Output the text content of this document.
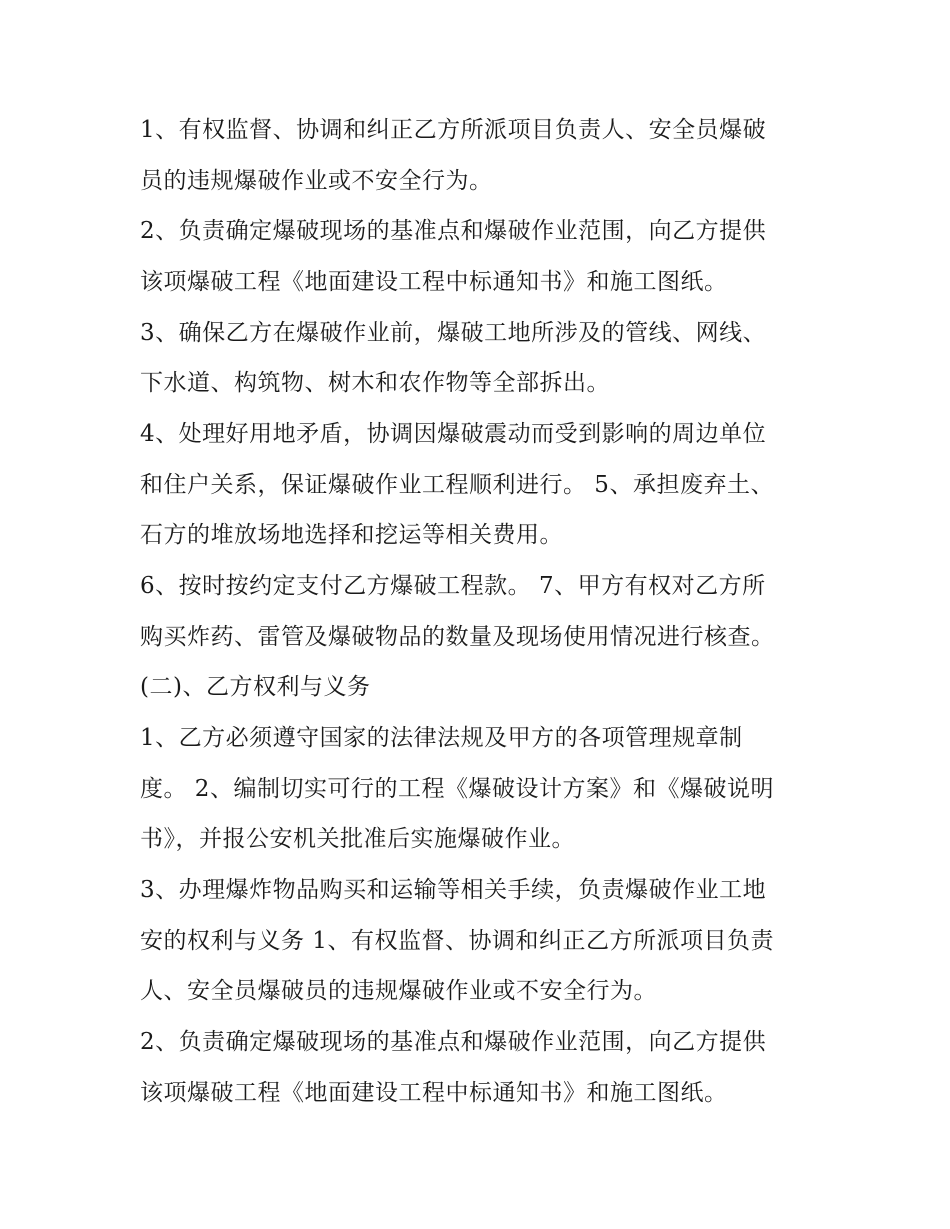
1、有权监督、协调和纠正乙方所派项目负责人、安全员爆破
员的违规爆破作业或不安全行为。
2、负责确定爆破现场的基准点和爆破作业范围，向乙方提供
该项爆破工程《地面建设工程中标通知书》和施工图纸。
3、确保乙方在爆破作业前，爆破工地所涉及的管线、网线、
下水道、构筑物、树木和农作物等全部拆出。
4、处理好用地矛盾，协调因爆破震动而受到影响的周边单位
和住户关系，保证爆破作业工程顺利进行。 5、承担废弃土、
石方的堆放场地选择和挖运等相关费用。
6、按时按约定支付乙方爆破工程款。 7、甲方有权对乙方所
购买炸药、雷管及爆破物品的数量及现场使用情况进行核查。
(二)、乙方权利与义务
1、乙方必须遵守国家的法律法规及甲方的各项管理规章制
度。 2、编制切实可行的工程《爆破设计方案》和《爆破说明
书》，并报公安机关批准后实施爆破作业。
3、办理爆炸物品购买和运输等相关手续，负责爆破作业工地
安的权利与义务 1、有权监督、协调和纠正乙方所派项目负责
人、安全员爆破员的违规爆破作业或不安全行为。
2、负责确定爆破现场的基准点和爆破作业范围，向乙方提供
该项爆破工程《地面建设工程中标通知书》和施工图纸。
